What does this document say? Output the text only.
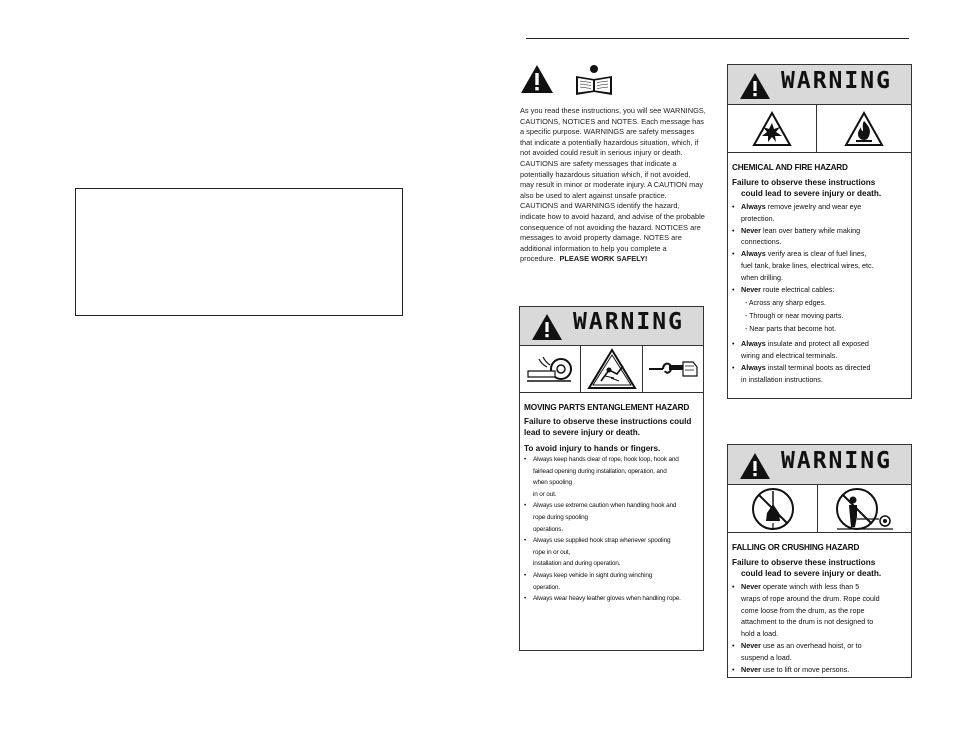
As you read these instructions, you will see WARNINGS, CAUTIONS, NOTICES and NOTES. Each message has a specific purpose. WARNINGS are safety messages that indicate a potentially hazardous situation, which, if not avoided could result in serious injury or death. CAUTIONS are safety messages that indicate a potentially hazardous situation which, if not avoided, may result in minor or moderate injury. A CAUTION may also be used to alert against unsafe practice. CAUTIONS and WARNINGS identify the hazard, indicate how to avoid hazard, and advise of the probable consequence of not avoiding the hazard. NOTICES are messages to avoid property damage. NOTES are additional information to help you complete a procedure. PLEASE WORK SAFELY!
WARNING
MOVING PARTS ENTANGLEMENT HAZARD
Failure to observe these instructions could lead to severe injury or death.
To avoid injury to hands or fingers.
• Always keep hands clear of rope, hook loop, hook and
fairlead opening during installation, operation, and
when spooling
in or out.
• Always use extreme caution when handling hook and
rope during spooling
operations.
• Always use supplied hook strap whenever spooling
rope in or out,
installation and during operation.
• Always keep vehicle in sight during winching
operation.
• Always wear heavy leather gloves when handling rope.
WARNING
CHEMICAL AND FIRE HAZARD
Failure to observe these instructions
could lead to severe injury or death.
• Always remove jewelry and wear eye
protection.
• Never lean over battery while making
connections.
• Always verify area is clear of fuel lines,
fuel tank, brake lines, electrical wires, etc.
when drilling.
• Never route electrical cables:
- Across any sharp edges.
- Through or near moving parts.
- Near parts that become hot.
• Always insulate and protect all exposed
wiring and electrical terminals.
• Always install terminal boots as directed
in installation instructions.
WARNING
FALLING OR CRUSHING HAZARD
Failure to observe these instructions
could lead to severe injury or death.
• Never operate winch with less than 5
wraps of rope around the drum. Rope could
come loose from the drum, as the rope
attachment to the drum is not designed to
hold a load.
• Never use as an overhead hoist, or to
suspend a load.
• Never use to lift or move persons.
